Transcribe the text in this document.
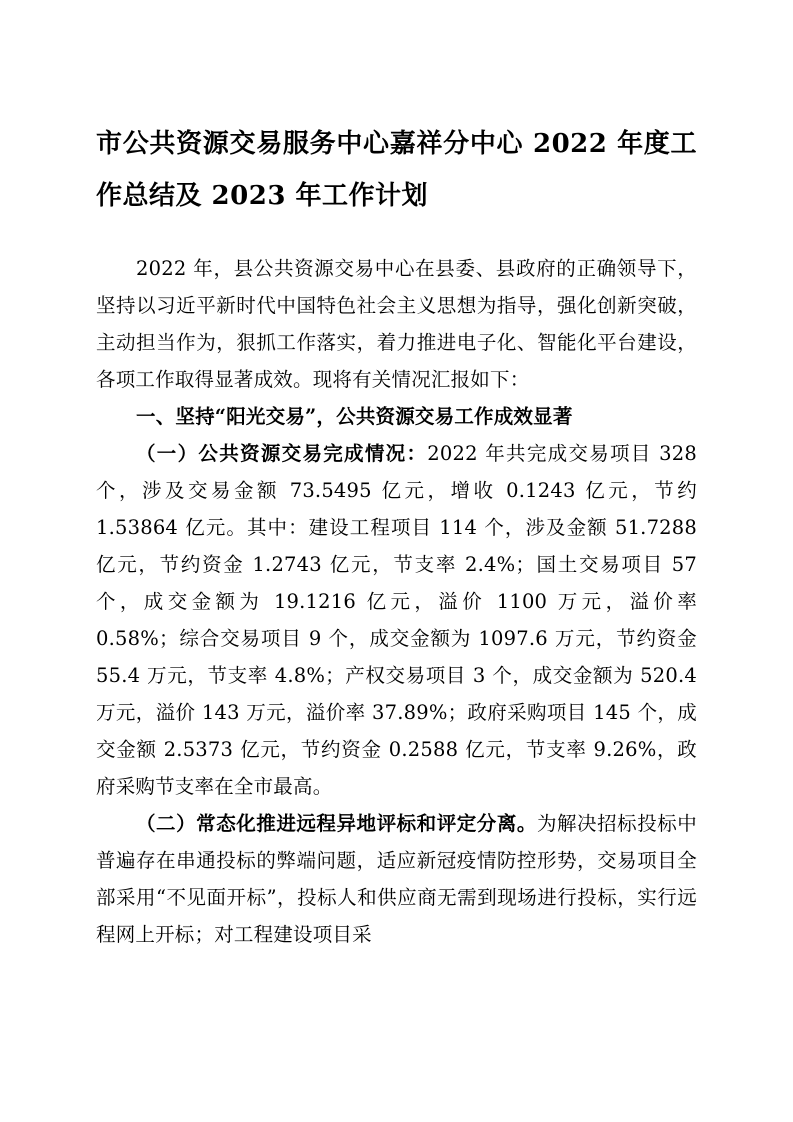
市公共资源交易服务中心嘉祥分中心 2022 年度工作总结及 2023 年工作计划

2022 年，县公共资源交易中心在县委、县政府的正确领导下，坚持以习近平新时代中国特色社会主义思想为指导，强化创新突破，主动担当作为，狠抓工作落实，着力推进电子化、智能化平台建设，各项工作取得显著成效。现将有关情况汇报如下：

一、坚持“阳光交易”，公共资源交易工作成效显著

（一）公共资源交易完成情况：2022 年共完成交易项目 328 个，涉及交易金额 73.5495 亿元，增收 0.1243 亿元，节约 1.53864 亿元。其中：建设工程项目 114 个，涉及金额 51.7288 亿元，节约资金 1.2743 亿元，节支率 2.4%；国土交易项目 57 个，成交金额为 19.1216 亿元，溢价 1100 万元，溢价率 0.58%；综合交易项目 9 个，成交金额为 1097.6 万元，节约资金 55.4 万元，节支率 4.8%；产权交易项目 3 个，成交金额为 520.4 万元，溢价 143 万元，溢价率 37.89%；政府采购项目 145 个，成交金额 2.5373 亿元，节约资金 0.2588 亿元，节支率 9.26%，政府采购节支率在全市最高。

（二）常态化推进远程异地评标和评定分离。为解决招标投标中普遍存在串通投标的弊端问题，适应新冠疫情防控形势，交易项目全部采用“不见面开标”，投标人和供应商无需到现场进行投标，实行远程网上开标；对工程建设项目采
